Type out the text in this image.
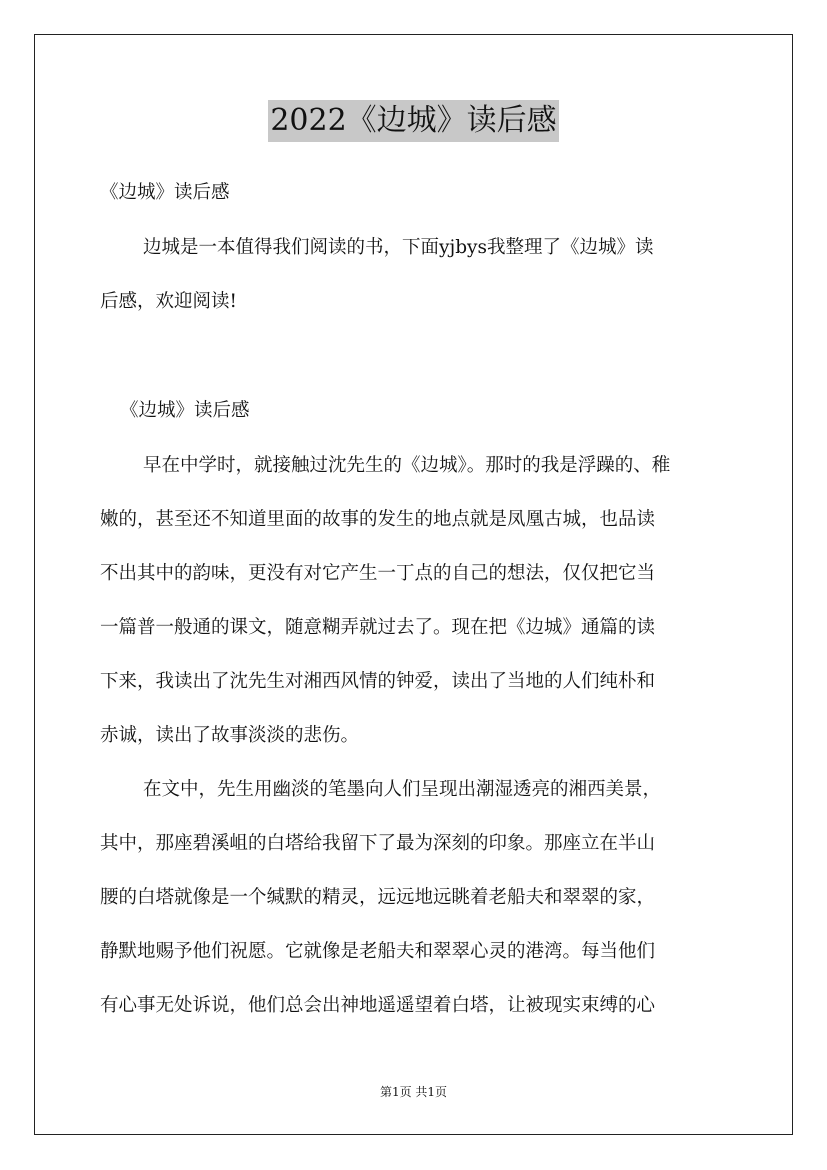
2022《边城》读后感
《边城》读后感
边城是一本值得我们阅读的书，下面yjbys我整理了《边城》读
后感，欢迎阅读!
《边城》读后感
早在中学时，就接触过沈先生的《边城》。那时的我是浮躁的、稚
嫩的，甚至还不知道里面的故事的发生的地点就是凤凰古城，也品读
不出其中的韵味，更没有对它产生一丁点的自己的想法，仅仅把它当
一篇普一般通的课文，随意糊弄就过去了。现在把《边城》通篇的读
下来，我读出了沈先生对湘西风情的钟爱，读出了当地的人们纯朴和
赤诚，读出了故事淡淡的悲伤。
在文中，先生用幽淡的笔墨向人们呈现出潮湿透亮的湘西美景，
其中，那座碧溪岨的白塔给我留下了最为深刻的印象。那座立在半山
腰的白塔就像是一个缄默的精灵，远远地远眺着老船夫和翠翠的家，
静默地赐予他们祝愿。它就像是老船夫和翠翠心灵的港湾。每当他们
有心事无处诉说，他们总会出神地遥遥望着白塔，让被现实束缚的心
第1页 共1页
